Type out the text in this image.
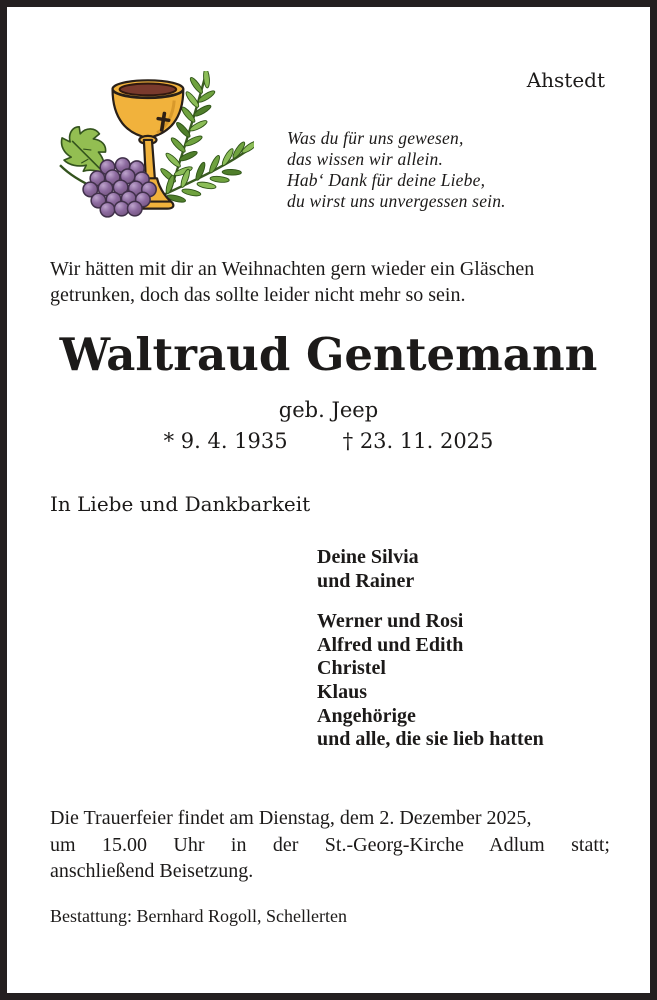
Ahstedt
Was du für uns gewesen,
das wissen wir allein.
Hab‘ Dank für deine Liebe,
du wirst uns unvergessen sein.
Wir hätten mit dir an Weihnachten gern wieder ein Gläschen
getrunken, doch das sollte leider nicht mehr so sein.
Waltraud Gentemann
geb. Jeep
* 9. 4. 1935	† 23. 11. 2025
In Liebe und Dankbarkeit
Deine Silvia
und Rainer
Werner und Rosi
Alfred und Edith
Christel
Klaus
Angehörige
und alle, die sie lieb hatten
Die Trauerfeier findet am Dienstag, dem 2. Dezember 2025,
um 15.00 Uhr in der St.-Georg-Kirche Adlum statt;
anschließend Beisetzung.
Bestattung: Bernhard Rogoll, Schellerten
